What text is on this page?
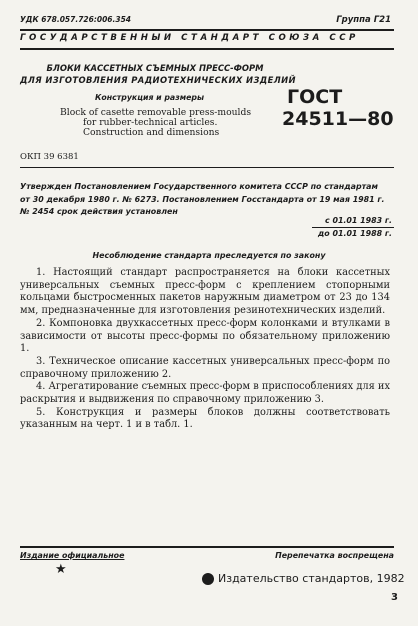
УДК 678.057.726:006.354	Группа Г21
ГОСУДАРСТВЕННЫЙ СТАНДАРТ СОЮЗА ССР
БЛОКИ КАССЕТНЫХ СЪЕМНЫХ ПРЕСС-ФОРМ
ДЛЯ ИЗГОТОВЛЕНИЯ РАДИОТЕХНИЧЕСКИХ ИЗДЕЛИЙ
Конструкция и размеры
Block of casette removable press-moulds
for rubber-technical articles.
Construction and dimensions
ГОСТ
24511—80
ОКП 39 6381
Утвержден Постановлением Государственного комитета СССР по стандартам
от 30 декабря 1980 г. № 6273. Постановлением Госстандарта от 19 мая 1981 г.
№ 2454 срок действия установлен
с 01.01 1983 г.
до 01.01 1988 г.
Несоблюдение стандарта преследуется по закону

1. Настоящий стандарт распространяется на блоки кассетных универсальных съемных пресс-форм с креплением стопорными кольцами быстросменных пакетов наружным диаметром от 23 до 134 мм, предназначенные для изготовления резинотехнических изделий.

2. Компоновка двухкассетных пресс-форм колонками и втулками в зависимости от высоты пресс-формы по обязательному приложению 1.

3. Техническое описание кассетных универсальных пресс-форм по справочному приложению 2.

4. Агрегатирование съемных пресс-форм в приспособлениях для их раскрытия и выдвижения по справочному приложению 3.

5. Конструкция и размеры блоков должны соответствовать указанным на черт. 1 и в табл. 1.

Издание официальное	Перепечатка воспрещена
★
Издательство стандартов, 1982
3
